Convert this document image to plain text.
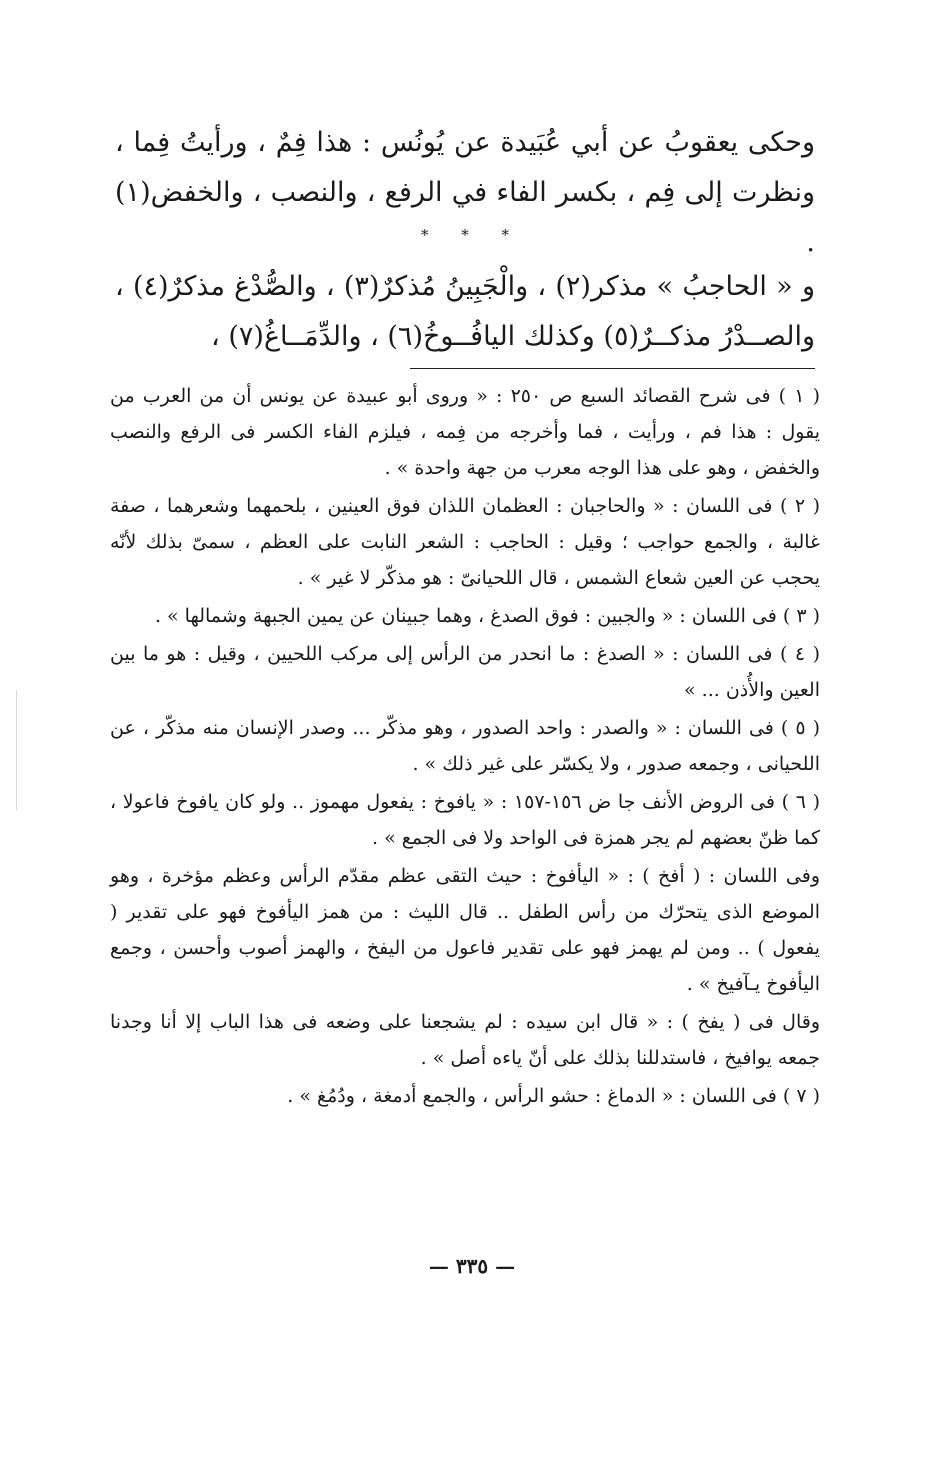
وحكى يعقوبُ عن أبي عُبَيدة عن يُونُس : هذا فِمٌ ، ورأيتُ فِما ، ونظرت إلى فِم ، بكسر الفاء في الرفع ، والنصب ، والخفض(١) .

* * *

و « الحاجبُ » مذكر(٢) ، والْجَبِينُ مُذكرٌ(٣) ، والصُّدْغ مذكرٌ(٤) ، والصــدْرُ مذكــرٌ(٥) وكذلك اليافُــوخُ(٦) ، والدِّمَــاغُ(٧) ،

( ١ ) فى شرح القصائد السبع ص ٢٥٠ : « وروى أبو عبيدة عن يونس أن من العرب من يقول : هذا فم ، ورأيت ، فما وأخرجه من فِمه ، فيلزم الفاء الكسر فى الرفع والنصب والخفض ، وهو على هذا الوجه معرب من جهة واحدة » .

( ٢ ) فى اللسان : « والحاجبان : العظمان اللذان فوق العينين ، بلحمهما وشعرهما ، صفة غالبة ، والجمع حواجب ؛ وقيل : الحاجب : الشعر النابت على العظم ، سمىّ بذلك لأنّه يحجب عن العين شعاع الشمس ، قال اللحيانىّ : هو مذكّر لا غير » .

( ٣ ) فى اللسان : « والجبين : فوق الصدغ ، وهما جبينان عن يمين الجبهة وشمالها » .

( ٤ ) فى اللسان : « الصدغ : ما انحدر من الرأس إلى مركب اللحيين ، وقيل : هو ما بين العين والأُذن ... »

( ٥ ) فى اللسان : « والصدر : واحد الصدور ، وهو مذكّر ... وصدر الإنسان منه مذكّر ، عن اللحيانى ، وجمعه صدور ، ولا يكسّر على غير ذلك » .

( ٦ ) فى الروض الأنف جا ض ١٥٦-١٥٧ : « يافوخ : يفعول مهموز .. ولو كان يافوخ فاعولا ، كما ظنّ بعضهم لم يجر همزة فى الواحد ولا فى الجمع » .

وفى اللسان : ( أفخ ) : « اليأفوخ : حيث التقى عظم مقدّم الرأس وعظم مؤخرة ، وهو الموضع الذى يتحرّك من رأس الطفل .. قال الليث : من همز اليأفوخ فهو على تقدير ( يفعول ) .. ومن لم يهمز فهو على تقدير فاعول من اليفخ ، والهمز أصوب وأحسن ، وجمع اليأفوخ يـآفيخ » .

وقال فى ( يفخ ) : « قال ابن سيده : لم يشجعنا على وضعه فى هذا الباب إلا أنا وجدنا جمعه يوافيخ ، فاستدللنا بذلك على أنّ ياءه أصل » .

( ٧ ) فى اللسان : « الدماغ : حشو الرأس ، والجمع أدمغة ، ودُمُغ » .

— ٣٣٥ —
